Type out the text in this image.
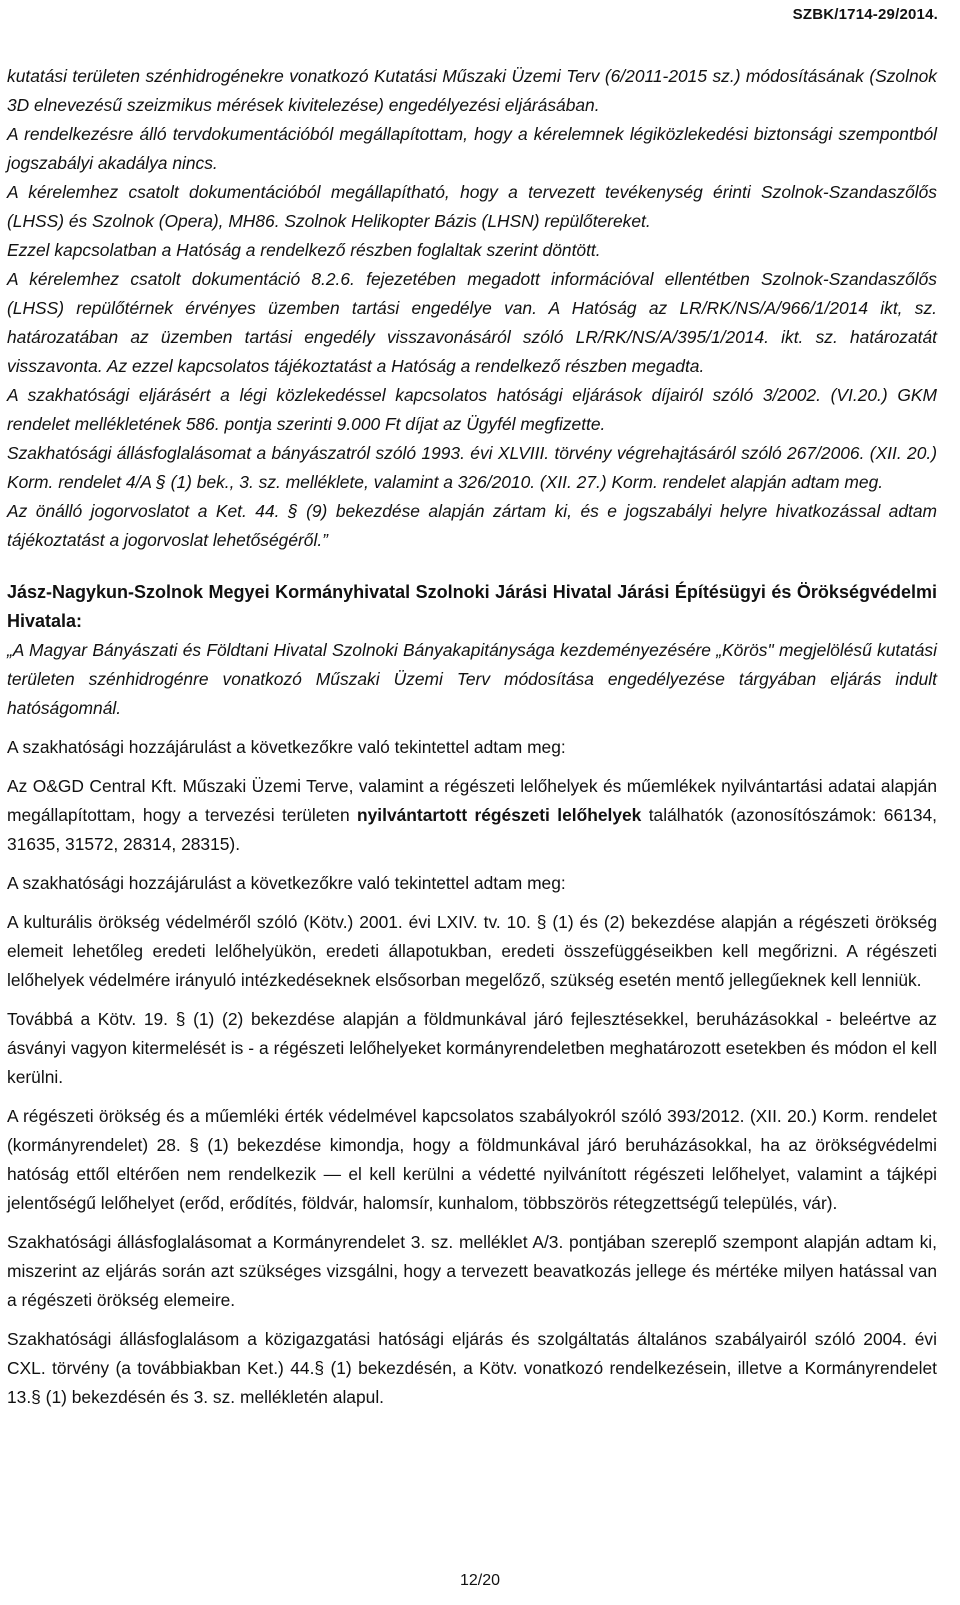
SZBK/1714-29/2014.

kutatási területen szénhidrogénekre vonatkozó Kutatási Műszaki Üzemi Terv (6/2011-2015 sz.) módosításának (Szolnok 3D elnevezésű szeizmikus mérések kivitelezése) engedélyezési eljárásában.

A rendelkezésre álló tervdokumentációból megállapítottam, hogy a kérelemnek légiközlekedési biztonsági szempontból jogszabályi akadálya nincs.

A kérelemhez csatolt dokumentációból megállapítható, hogy a tervezett tevékenység érinti Szolnok-Szandaszőlős (LHSS) és Szolnok (Opera), MH86. Szolnok Helikopter Bázis (LHSN) repülőtereket.

Ezzel kapcsolatban a Hatóság a rendelkező részben foglaltak szerint döntött.

A kérelemhez csatolt dokumentáció 8.2.6. fejezetében megadott információval ellentétben Szolnok-Szandaszőlős (LHSS) repülőtérnek érvényes üzemben tartási engedélye van. A Hatóság az LR/RK/NS/A/966/1/2014 ikt, sz. határozatában az üzemben tartási engedély visszavonásáról szóló LR/RK/NS/A/395/1/2014. ikt. sz. határozatát visszavonta. Az ezzel kapcsolatos tájékoztatást a Hatóság a rendelkező részben megadta.

A szakhatósági eljárásért a légi közlekedéssel kapcsolatos hatósági eljárások díjairól szóló 3/2002. (VI.20.) GKM rendelet mellékletének 586. pontja szerinti 9.000 Ft díjat az Ügyfél megfizette.

Szakhatósági állásfoglalásomat a bányászatról szóló 1993. évi XLVIII. törvény végrehajtásáról szóló 267/2006. (XII. 20.) Korm. rendelet 4/A § (1) bek., 3. sz. melléklete, valamint a 326/2010. (XII. 27.) Korm. rendelet alapján adtam meg.

Az önálló jogorvoslatot a Ket. 44. § (9) bekezdése alapján zártam ki, és e jogszabályi helyre hivatkozással adtam tájékoztatást a jogorvoslat lehetőségéről.”

Jász-Nagykun-Szolnok Megyei Kormányhivatal Szolnoki Járási Hivatal Járási Építésügyi és Örökségvédelmi Hivatala:

„A Magyar Bányászati és Földtani Hivatal Szolnoki Bányakapitánysága kezdeményezésére „Körös" megjelölésű kutatási területen szénhidrogénre vonatkozó Műszaki Üzemi Terv módosítása engedélyezése tárgyában eljárás indult hatóságomnál.

A szakhatósági hozzájárulást a következőkre való tekintettel adtam meg:

Az O&GD Central Kft. Műszaki Üzemi Terve, valamint a régészeti lelőhelyek és műemlékek nyilvántartási adatai alapján megállapítottam, hogy a tervezési területen nyilvántartott régészeti lelőhelyek találhatók (azonosítószámok: 66134, 31635, 31572, 28314, 28315).

A szakhatósági hozzájárulást a következőkre való tekintettel adtam meg:

A kulturális örökség védelméről szóló (Kötv.) 2001. évi LXIV. tv. 10. § (1) és (2) bekezdése alapján a régészeti örökség elemeit lehetőleg eredeti lelőhelyükön, eredeti állapotukban, eredeti összefüggéseikben kell megőrizni. A régészeti lelőhelyek védelmére irányuló intézkedéseknek elsősorban megelőző, szükség esetén mentő jellegűeknek kell lenniük.

Továbbá a Kötv. 19. § (1) (2) bekezdése alapján a földmunkával járó fejlesztésekkel, beruházásokkal - beleértve az ásványi vagyon kitermelését is - a régészeti lelőhelyeket kormányrendeletben meghatározott esetekben és módon el kell kerülni.

A régészeti örökség és a műemléki érték védelmével kapcsolatos szabályokról szóló 393/2012. (XII. 20.) Korm. rendelet (kormányrendelet) 28. § (1) bekezdése kimondja, hogy a földmunkával járó beruházásokkal, ha az örökségvédelmi hatóság ettől eltérően nem rendelkezik — el kell kerülni a védetté nyilvánított régészeti lelőhelyet, valamint a tájképi jelentőségű lelőhelyet (erőd, erődítés, földvár, halomsír, kunhalom, többszörös rétegzettségű település, vár).

Szakhatósági állásfoglalásomat a Kormányrendelet 3. sz. melléklet A/3. pontjában szereplő szempont alapján adtam ki, miszerint az eljárás során azt szükséges vizsgálni, hogy a tervezett beavatkozás jellege és mértéke milyen hatással van a régészeti örökség elemeire.

Szakhatósági állásfoglalásom a közigazgatási hatósági eljárás és szolgáltatás általános szabályairól szóló 2004. évi CXL. törvény (a továbbiakban Ket.) 44.§ (1) bekezdésén, a Kötv. vonatkozó rendelkezésein, illetve a Kormányrendelet 13.§ (1) bekezdésén és 3. sz. mellékletén alapul.

12/20
